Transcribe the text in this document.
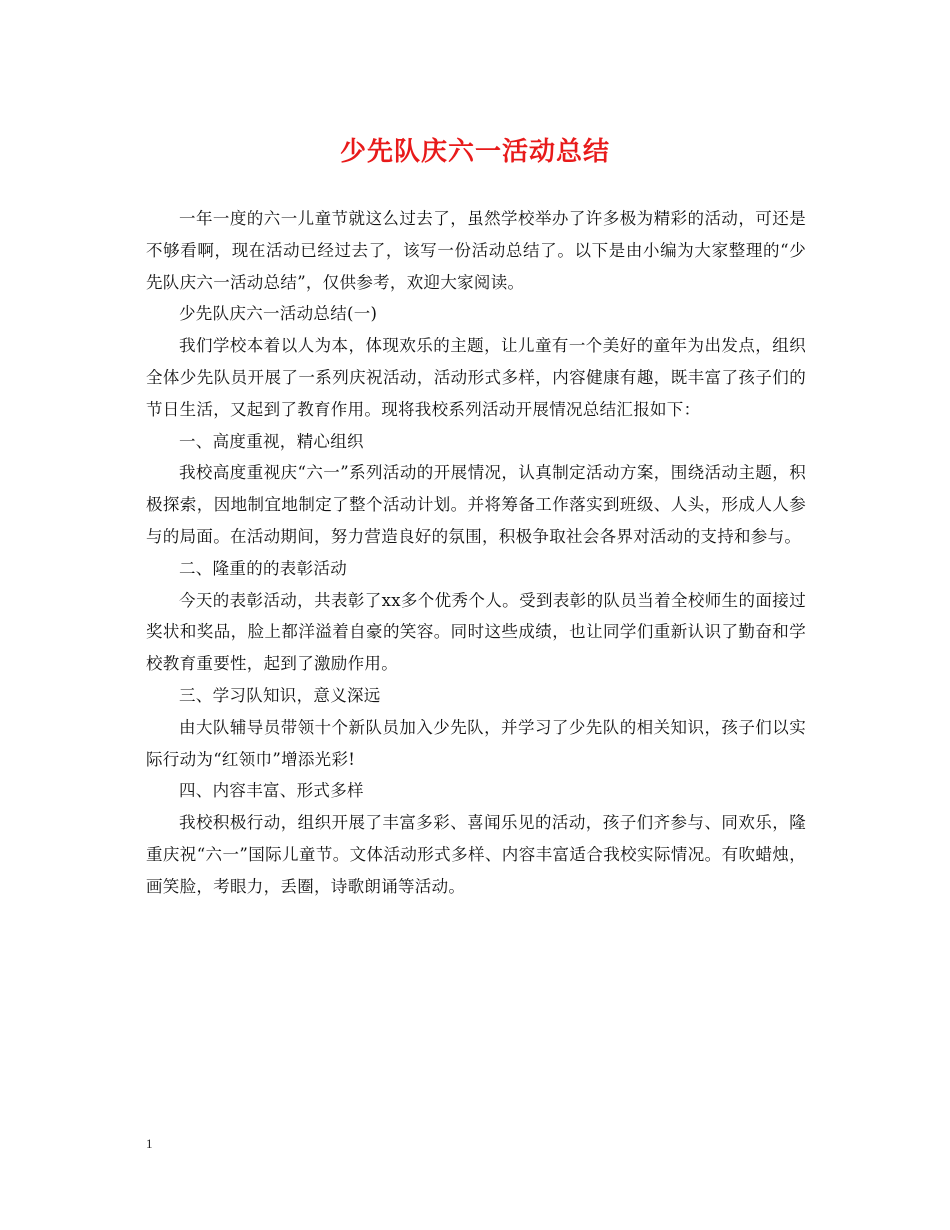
少先队庆六一活动总结

一年一度的六一儿童节就这么过去了，虽然学校举办了许多极为精彩的活动，可还是不够看啊，现在活动已经过去了，该写一份活动总结了。以下是由小编为大家整理的“少先队庆六一活动总结”，仅供参考，欢迎大家阅读。

少先队庆六一活动总结(一)

我们学校本着以人为本，体现欢乐的主题，让儿童有一个美好的童年为出发点，组织全体少先队员开展了一系列庆祝活动，活动形式多样，内容健康有趣，既丰富了孩子们的节日生活，又起到了教育作用。现将我校系列活动开展情况总结汇报如下：

一、高度重视，精心组织

我校高度重视庆“六一”系列活动的开展情况，认真制定活动方案，围绕活动主题，积极探索，因地制宜地制定了整个活动计划。并将筹备工作落实到班级、人头，形成人人参与的局面。在活动期间，努力营造良好的氛围，积极争取社会各界对活动的支持和参与。

二、隆重的的表彰活动

今天的表彰活动，共表彰了xx多个优秀个人。受到表彰的队员当着全校师生的面接过奖状和奖品，脸上都洋溢着自豪的笑容。同时这些成绩，也让同学们重新认识了勤奋和学校教育重要性，起到了激励作用。

三、学习队知识，意义深远

由大队辅导员带领十个新队员加入少先队，并学习了少先队的相关知识，孩子们以实际行动为“红领巾”增添光彩!

四、内容丰富、形式多样

我校积极行动，组织开展了丰富多彩、喜闻乐见的活动，孩子们齐参与、同欢乐，隆重庆祝“六一”国际儿童节。文体活动形式多样、内容丰富适合我校实际情况。有吹蜡烛，画笑脸，考眼力，丢圈，诗歌朗诵等活动。

1
